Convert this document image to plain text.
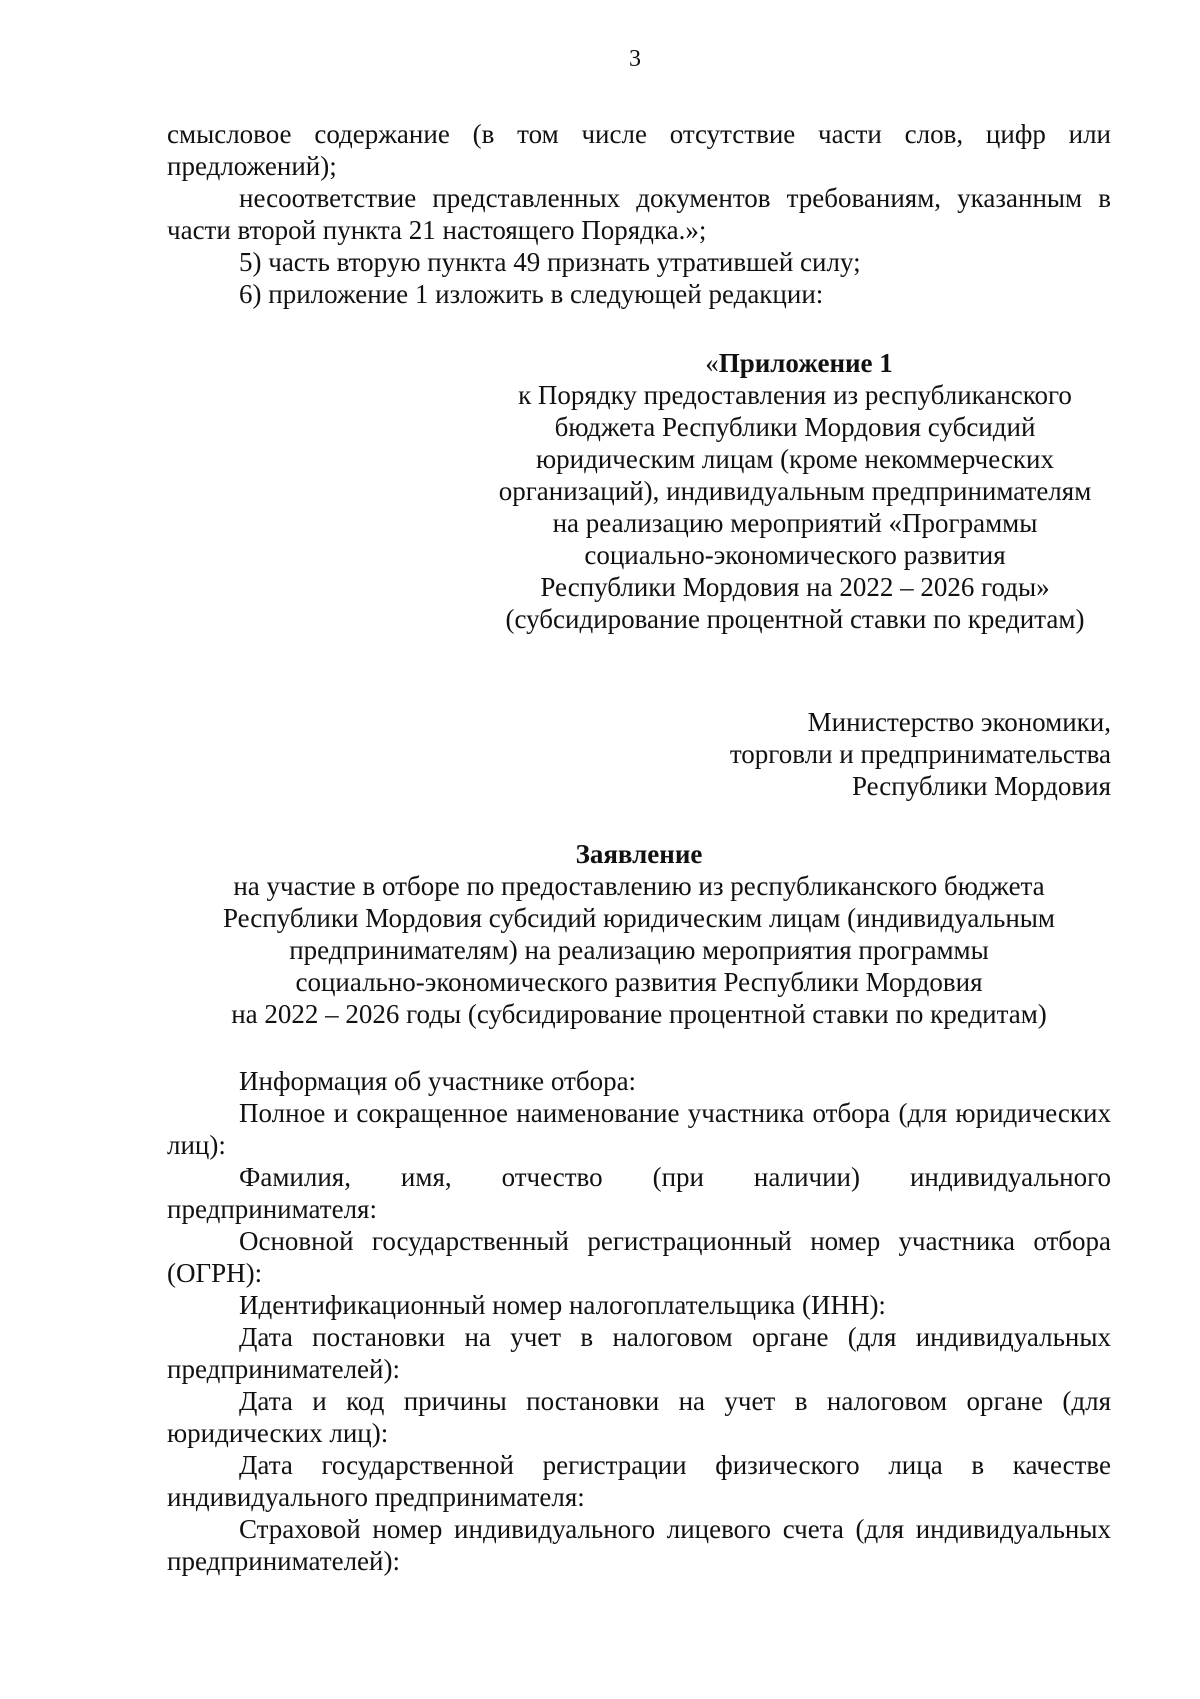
3

смысловое содержание (в том числе отсутствие части слов, цифр или предложений);

несоответствие представленных документов требованиям, указанным в части второй пункта 21 настоящего Порядка.»;

5) часть вторую пункта 49 признать утратившей силу;

6) приложение 1 изложить в следующей редакции:

«Приложение 1

к Порядку предоставления из республиканского

бюджета Республики Мордовия субсидий

юридическим лицам (кроме некоммерческих

организаций), индивидуальным предпринимателям

на реализацию мероприятий «Программы

социально-экономического развития

Республики Мордовия на 2022 – 2026 годы»

(субсидирование процентной ставки по кредитам)

Министерство экономики,

торговли и предпринимательства

Республики Мордовия

Заявление

на участие в отборе по предоставлению из республиканского бюджета

Республики Мордовия субсидий юридическим лицам (индивидуальным

предпринимателям) на реализацию мероприятия программы

социально-экономического развития Республики Мордовия

на 2022 – 2026 годы (субсидирование процентной ставки по кредитам)

Информация об участнике отбора:

Полное и сокращенное наименование участника отбора (для юридических лиц):

Фамилия, имя, отчество (при наличии) индивидуального предпринимателя:

Основной государственный регистрационный номер участника отбора (ОГРН):

Идентификационный номер налогоплательщика (ИНН):

Дата постановки на учет в налоговом органе (для индивидуальных предпринимателей):

Дата и код причины постановки на учет в налоговом органе (для юридических лиц):

Дата государственной регистрации физического лица в качестве индивидуального предпринимателя:

Страховой номер индивидуального лицевого счета (для индивидуальных предпринимателей):
